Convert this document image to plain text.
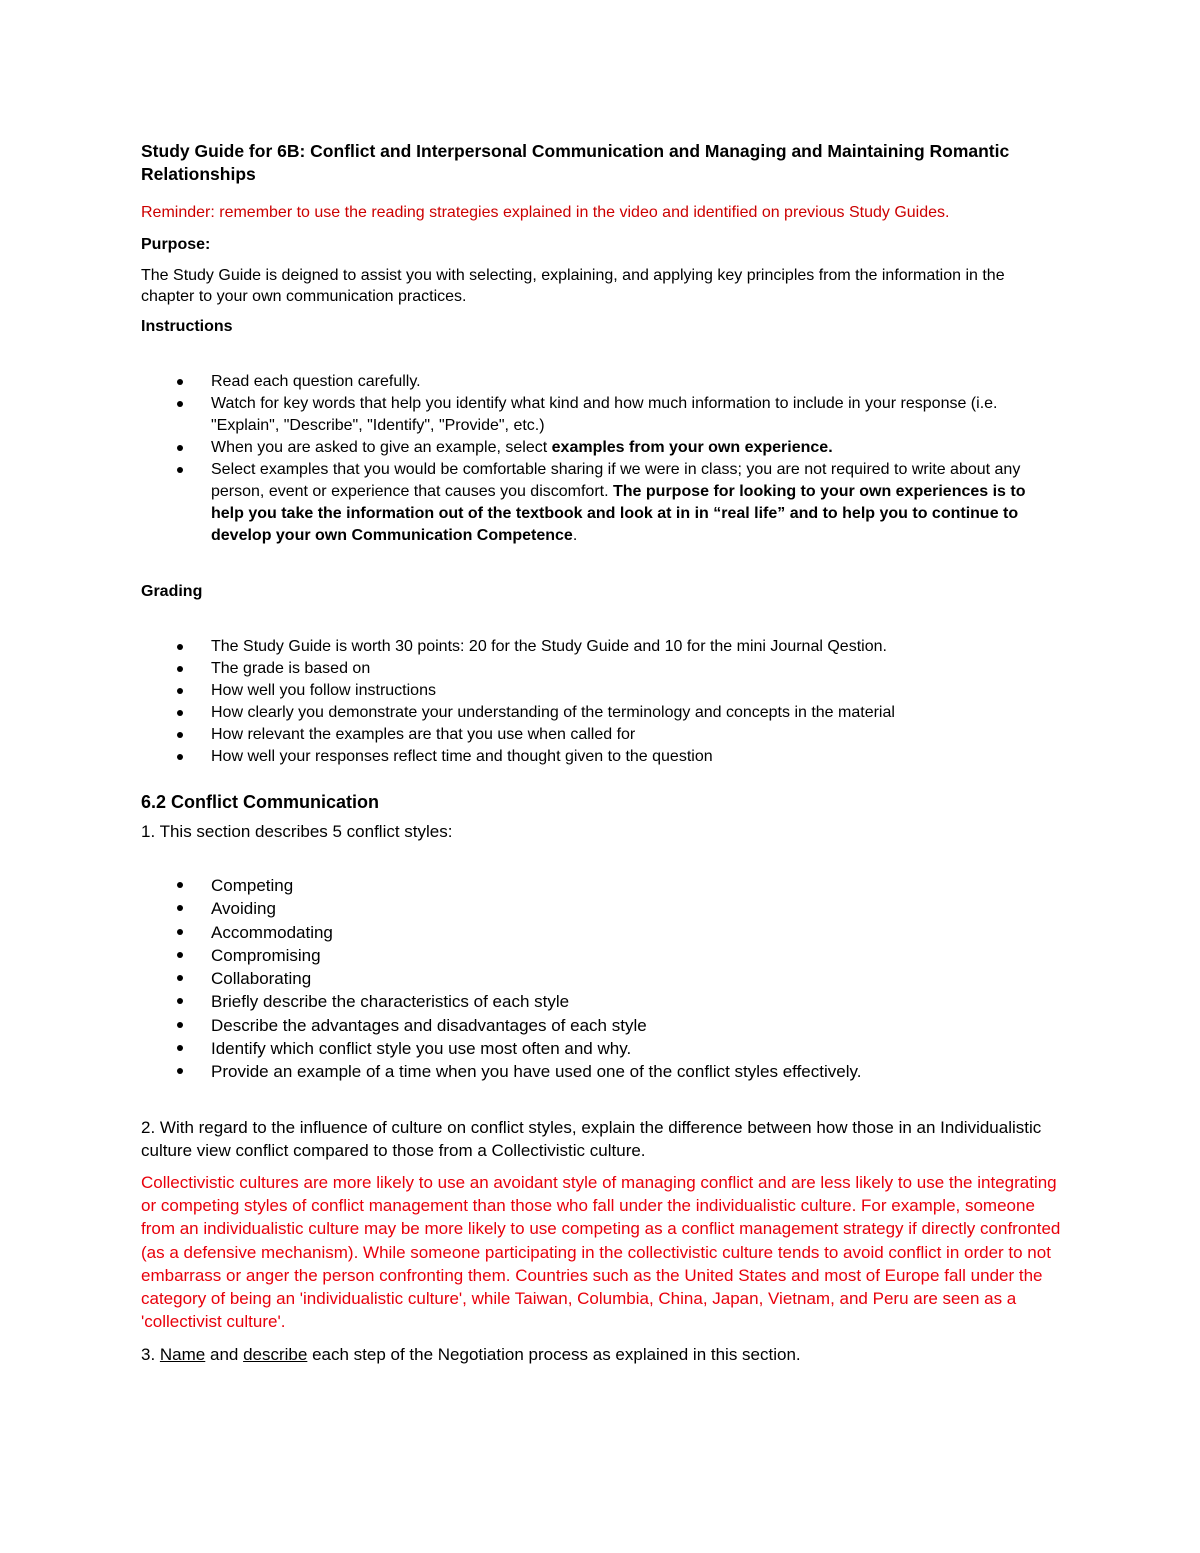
Study Guide for 6B: Conflict and Interpersonal Communication and Managing and Maintaining Romantic Relationships
Reminder: remember to use the reading strategies explained in the video and identified on previous Study Guides.
Purpose:
The Study Guide is deigned to assist you with selecting, explaining, and applying key principles from the information in the chapter to your own communication practices.
Instructions
Read each question carefully.
Watch for key words that help you identify what kind and how much information to include in your response (i.e. "Explain", "Describe", "Identify", "Provide", etc.)
When you are asked to give an example, select examples from your own experience.
Select examples that you would be comfortable sharing if we were in class; you are not required to write about any person, event or experience that causes you discomfort. The purpose for looking to your own experiences is to help you take the information out of the textbook and look at in in “real life” and to help you to continue to develop your own Communication Competence.
Grading
The Study Guide is worth 30 points: 20 for the Study Guide and 10 for the mini Journal Qestion.
The grade is based on
How well you follow instructions
How clearly you demonstrate your understanding of the terminology and concepts in the material
How relevant the examples are that you use when called for
How well your responses reflect time and thought given to the question
6.2 Conflict Communication
1. This section describes 5 conflict styles:
Competing
Avoiding
Accommodating
Compromising
Collaborating
Briefly describe the characteristics of each style
Describe the advantages and disadvantages of each style
Identify which conflict style you use most often and why.
Provide an example of a time when you have used one of the conflict styles effectively.
2. With regard to the influence of culture on conflict styles, explain the difference between how those in an Individualistic culture view conflict compared to those from a Collectivistic culture.
Collectivistic cultures are more likely to use an avoidant style of managing conflict and are less likely to use the integrating or competing styles of conflict management than those who fall under the individualistic culture. For example, someone from an individualistic culture may be more likely to use competing as a conflict management strategy if directly confronted (as a defensive mechanism). While someone participating in the collectivistic culture tends to avoid conflict in order to not embarrass or anger the person confronting them. Countries such as the United States and most of Europe fall under the category of being an 'individualistic culture', while Taiwan, Columbia, China, Japan, Vietnam, and Peru are seen as a 'collectivist culture'.
3. Name and describe each step of the Negotiation process as explained in this section.
